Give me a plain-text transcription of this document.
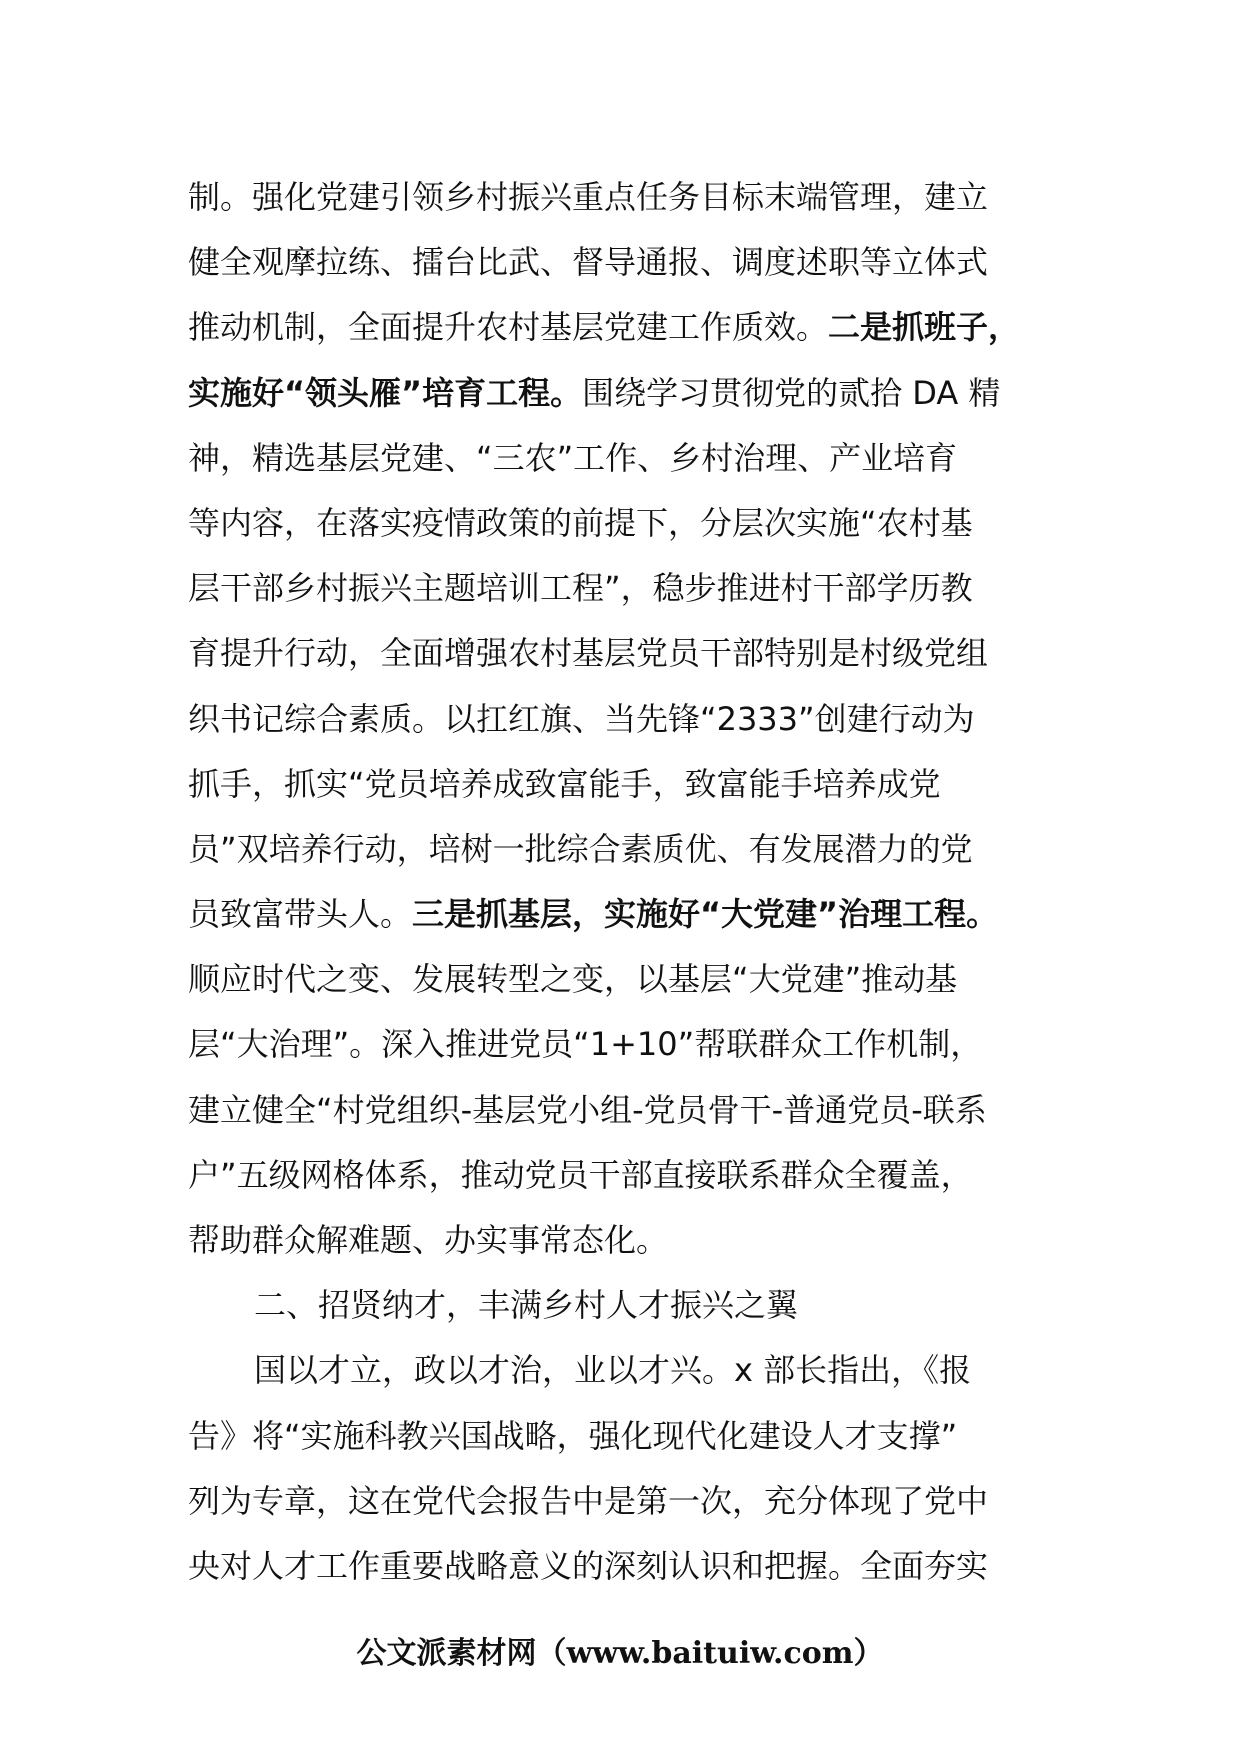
制。强化党建引领乡村振兴重点任务目标末端管理，建立
健全观摩拉练、擂台比武、督导通报、调度述职等立体式
推动机制，全面提升农村基层党建工作质效。二是抓班子，
实施好“领头雁”培育工程。围绕学习贯彻党的贰拾 DA 精
神，精选基层党建、“三农”工作、乡村治理、产业培育
等内容，在落实疫情政策的前提下，分层次实施“农村基
层干部乡村振兴主题培训工程”，稳步推进村干部学历教
育提升行动，全面增强农村基层党员干部特别是村级党组
织书记综合素质。以扛红旗、当先锋“2333”创建行动为
抓手，抓实“党员培养成致富能手，致富能手培养成党
员”双培养行动，培树一批综合素质优、有发展潜力的党
员致富带头人。三是抓基层，实施好“大党建”治理工程。
顺应时代之变、发展转型之变，以基层“大党建”推动基
层“大治理”。深入推进党员“1+10”帮联群众工作机制，
建立健全“村党组织-基层党小组-党员骨干-普通党员-联系
户”五级网格体系，推动党员干部直接联系群众全覆盖，
帮助群众解难题、办实事常态化。
二、招贤纳才，丰满乡村人才振兴之翼
国以才立，政以才治，业以才兴。x 部长指出，《报
告》将“实施科教兴国战略，强化现代化建设人才支撑”
列为专章，这在党代会报告中是第一次，充分体现了党中
央对人才工作重要战略意义的深刻认识和把握。全面夯实
公文派素材网（www.baituiw.com）
